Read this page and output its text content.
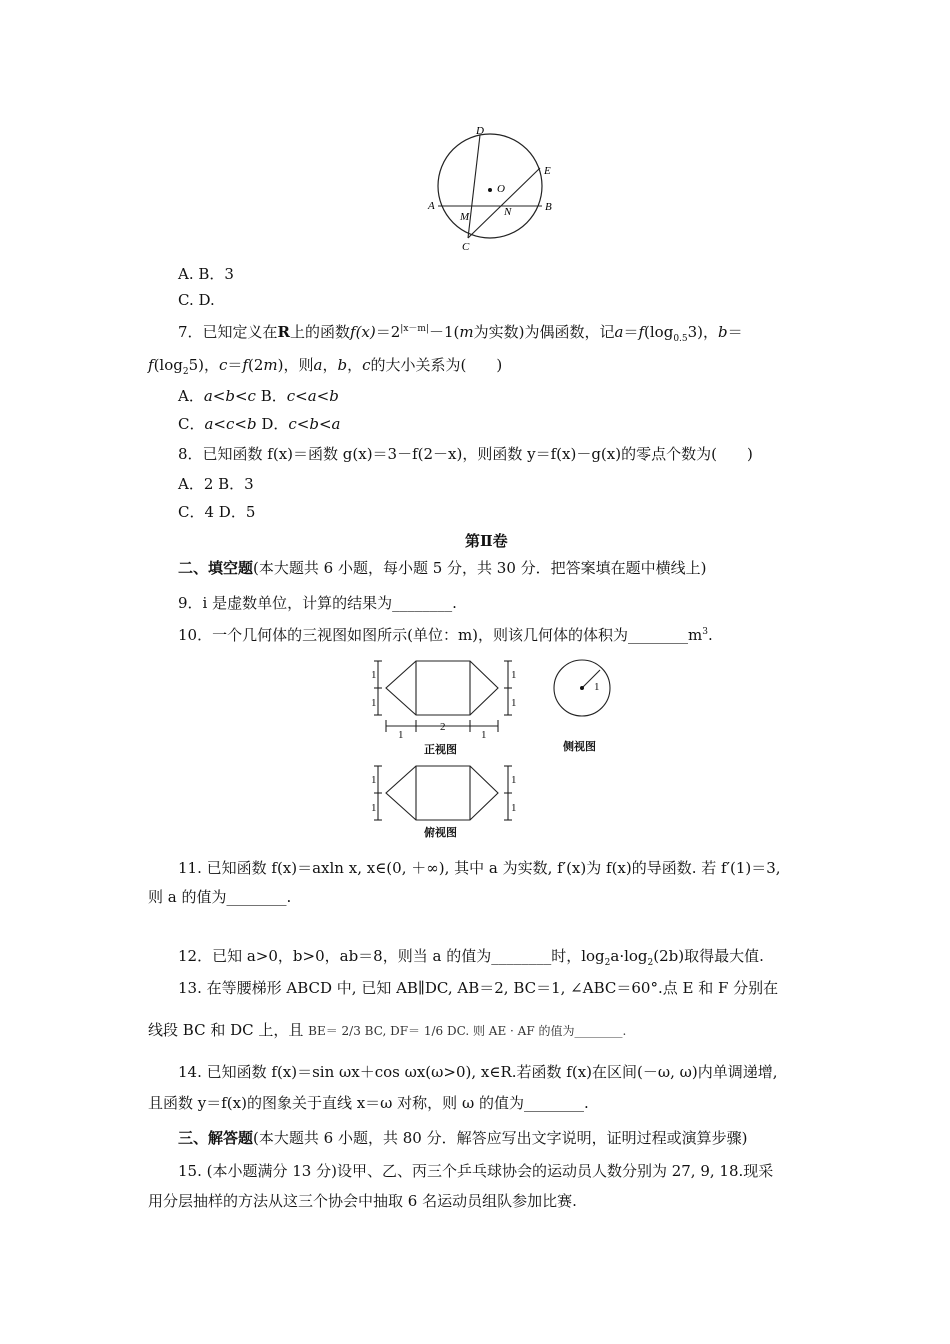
D
E
O
A
M	N	B
C
A. B．3
C. D.
7．已知定义在R上的函数$f(x)=2^{|x-m|}-1(m$为实数)为偶函数，记$a=f(\log_{0.5}3)$，b＝
$f(\log_25)$，c＝f(2m)，则a，b，c的大小关系为(　　)
A．a<b<c B．c<a<b
C．a<c<b D．c<b<a
8．已知函数 f(x)＝函数 g(x)＝3－f(2－x)，则函数 y＝f(x)－g(x)的零点个数为(　　)
A．2 B．3
C．4 D．5
第Ⅱ卷
二、填空题(本大题共 6 小题，每小题 5 分，共 30 分．把答案填在题中横线上)
9．i 是虚数单位，计算的结果为________.
10．一个几何体的三视图如图所示(单位：m)，则该几何体的体积为$\_\_\_\_\_\_\_\_m^3$.
1
1
1
1
1
2
1
正视图
1
侧视图
1
1
1
1
俯视图
11. 已知函数 f(x)＝axln x, x∈(0, ＋∞), 其中 a 为实数, f′(x)为 f(x)的导函数. 若 f′(1)＝3,
则 a 的值为________.
12．已知 a>0，b>0，ab＝8，则当 a 的值为________时，$\log_2a\cdot\log_2(2b)$取得最大值.
13. 在等腰梯形 ABCD 中, 已知 AB∥DC, AB＝2, BC＝1, ∠ABC＝60°.点 E 和 F 分别在
线段 BC 和 DC 上，且 BE＝ 2/3 BC, DF＝ 1/6 DC. 则 AE · AF 的值为________.
14. 已知函数 f(x)＝sin ωx＋cos ωx(ω>0), x∈R.若函数 f(x)在区间(－ω, ω)内单调递增,
且函数 y＝f(x)的图象关于直线 x＝ω 对称，则 ω 的值为________.
三、解答题(本大题共 6 小题，共 80 分．解答应写出文字说明，证明过程或演算步骤)
15. (本小题满分 13 分)设甲、乙、丙三个乒乓球协会的运动员人数分别为 27, 9, 18.现采
用分层抽样的方法从这三个协会中抽取 6 名运动员组队参加比赛.
